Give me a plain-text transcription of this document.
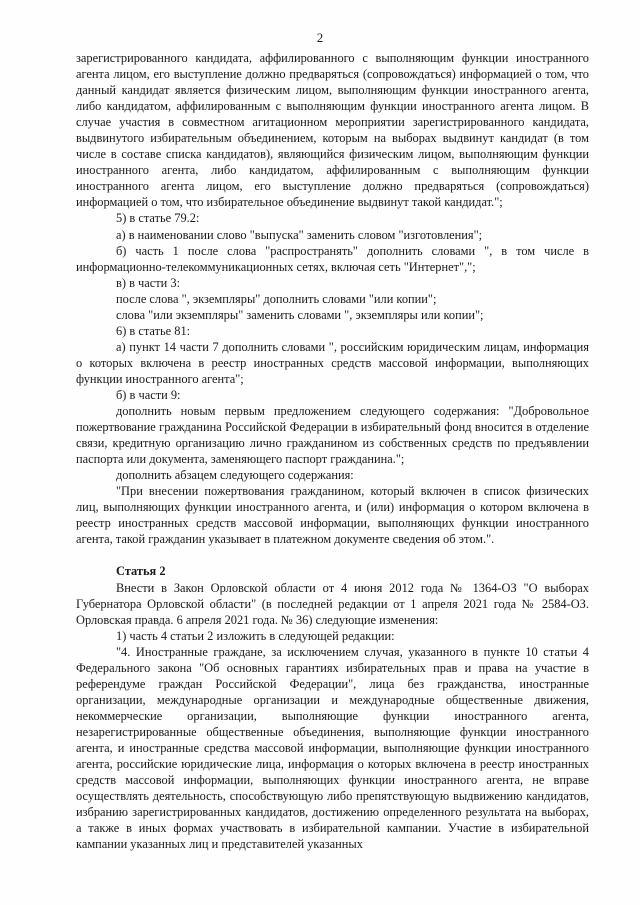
2

зарегистрированного кандидата, аффилированного с выполняющим функции иностранного агента лицом, его выступление должно предваряться (сопровождаться) информацией о том, что данный кандидат является физическим лицом, выполняющим функции иностранного агента, либо кандидатом, аффилированным с выполняющим функции иностранного агента лицом. В случае участия в совместном агитационном мероприятии зарегистрированного кандидата, выдвинутого избирательным объединением, которым на выборах выдвинут кандидат (в том числе в составе списка кандидатов), являющийся физическим лицом, выполняющим функции иностранного агента, либо кандидатом, аффилированным с выполняющим функции иностранного агента лицом, его выступление должно предваряться (сопровождаться) информацией о том, что избирательное объединение выдвинут такой кандидат.";

5) в статье 79.2:

а) в наименовании слово "выпуска" заменить словом "изготовления";

б) часть 1 после слова "распространять" дополнить словами ", в том числе в информационно-телекоммуникационных сетях, включая сеть "Интернет",";

в) в части 3:

после слова ", экземпляры" дополнить словами "или копии";

слова "или экземпляры" заменить словами ", экземпляры или копии";

6) в статье 81:

а) пункт 14 части 7 дополнить словами ", российским юридическим лицам, информация о которых включена в реестр иностранных средств массовой информации, выполняющих функции иностранного агента";

б) в части 9:

дополнить новым первым предложением следующего содержания: "Добровольное пожертвование гражданина Российской Федерации в избирательный фонд вносится в отделение связи, кредитную организацию лично гражданином из собственных средств по предъявлении паспорта или документа, заменяющего паспорт гражданина.";

дополнить абзацем следующего содержания:

"При внесении пожертвования гражданином, который включен в список физических лиц, выполняющих функции иностранного агента, и (или) информация о котором включена в реестр иностранных средств массовой информации, выполняющих функции иностранного агента, такой гражданин указывает в платежном документе сведения об этом.".

Статья 2

Внести в Закон Орловской области от 4 июня 2012 года № 1364-ОЗ "О выборах Губернатора Орловской области" (в последней редакции от 1 апреля 2021 года № 2584-ОЗ. Орловская правда. 6 апреля 2021 года. № 36) следующие изменения:

1) часть 4 статьи 2 изложить в следующей редакции:

"4. Иностранные граждане, за исключением случая, указанного в пункте 10 статьи 4 Федерального закона "Об основных гарантиях избирательных прав и права на участие в референдуме граждан Российской Федерации", лица без гражданства, иностранные организации, международные организации и международные общественные движения, некоммерческие организации, выполняющие функции иностранного агента, незарегистрированные общественные объединения, выполняющие функции иностранного агента, и иностранные средства массовой информации, выполняющие функции иностранного агента, российские юридические лица, информация о которых включена в реестр иностранных средств массовой информации, выполняющих функции иностранного агента, не вправе осуществлять деятельность, способствующую либо препятствующую выдвижению кандидатов, избранию зарегистрированных кандидатов, достижению определенного результата на выборах, а также в иных формах участвовать в избирательной кампании. Участие в избирательной кампании указанных лиц и представителей указанных
